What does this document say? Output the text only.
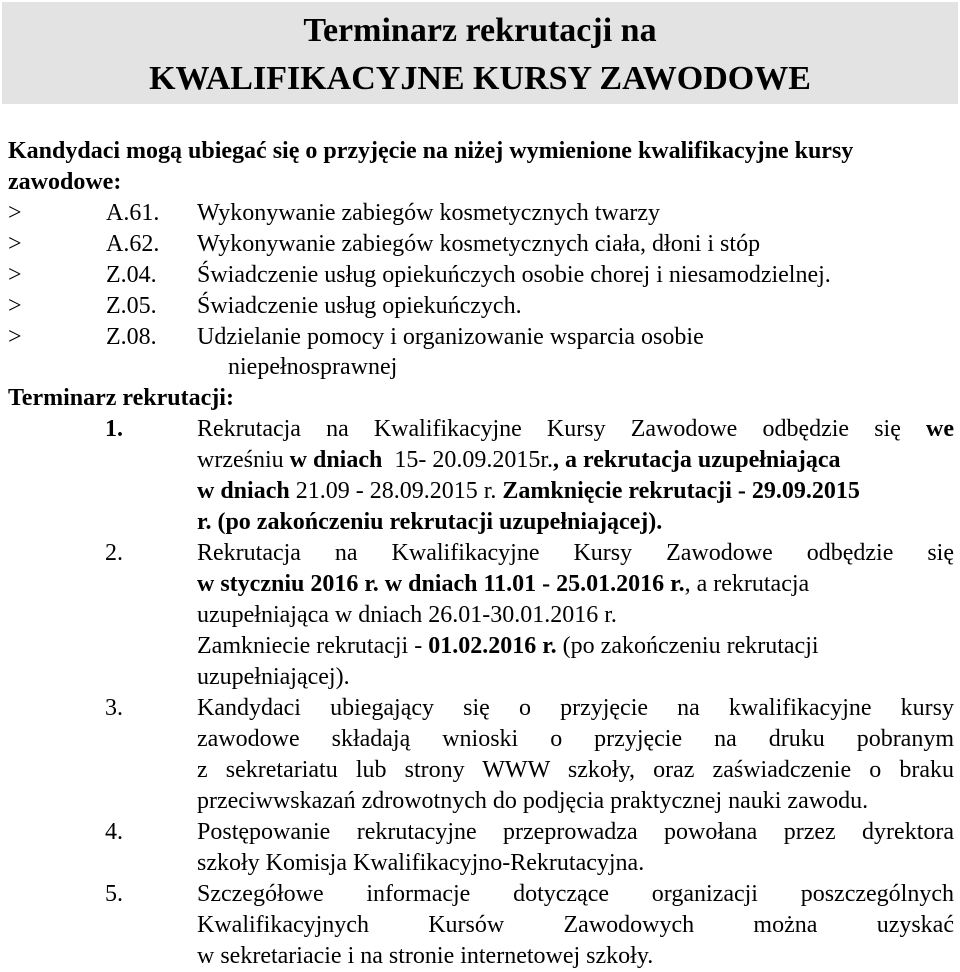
Terminarz rekrutacji na
KWALIFIKACYJNE KURSY ZAWODOWE
Kandydaci mogą ubiegać się o przyjęcie na niżej wymienione kwalifikacyjne kursy
zawodowe:
>	A.61. Wykonywanie zabiegów kosmetycznych twarzy
>	A.62. Wykonywanie zabiegów kosmetycznych ciała, dłoni i stóp
>	Z.04. Świadczenie usług opiekuńczych osobie chorej i niesamodzielnej.
>	Z.05. Świadczenie usług opiekuńczych.
>	Z.08. Udzielanie pomocy i organizowanie wsparcia osobie
niepełnosprawnej
Terminarz rekrutacji:
1.	Rekrutacja na Kwalifikacyjne Kursy Zawodowe odbędzie się we
wrześniu w dniach 15- 20.09.2015r., a rekrutacja uzupełniająca
w dniach 21.09 - 28.09.2015 r. Zamknięcie rekrutacji - 29.09.2015
r. (po zakończeniu rekrutacji uzupełniającej).
2.	Rekrutacja na Kwalifikacyjne Kursy Zawodowe odbędzie się
w styczniu 2016 r. w dniach 11.01 - 25.01.2016 r., a rekrutacja
uzupełniająca w dniach 26.01-30.01.2016 r.
Zamkniecie rekrutacji - 01.02.2016 r. (po zakończeniu rekrutacji
uzupełniającej).
3.	Kandydaci ubiegający się o przyjęcie na kwalifikacyjne kursy
zawodowe składają wnioski o przyjęcie na druku pobranym
z sekretariatu lub strony WWW szkoły, oraz zaświadczenie o braku
przeciwwskazań zdrowotnych do podjęcia praktycznej nauki zawodu.
4.	Postępowanie rekrutacyjne przeprowadza powołana przez dyrektora
szkoły Komisja Kwalifikacyjno-Rekrutacyjna.
5.	Szczegółowe informacje dotyczące organizacji poszczególnych
Kwalifikacyjnych Kursów Zawodowych można uzyskać
w sekretariacie i na stronie internetowej szkoły.
